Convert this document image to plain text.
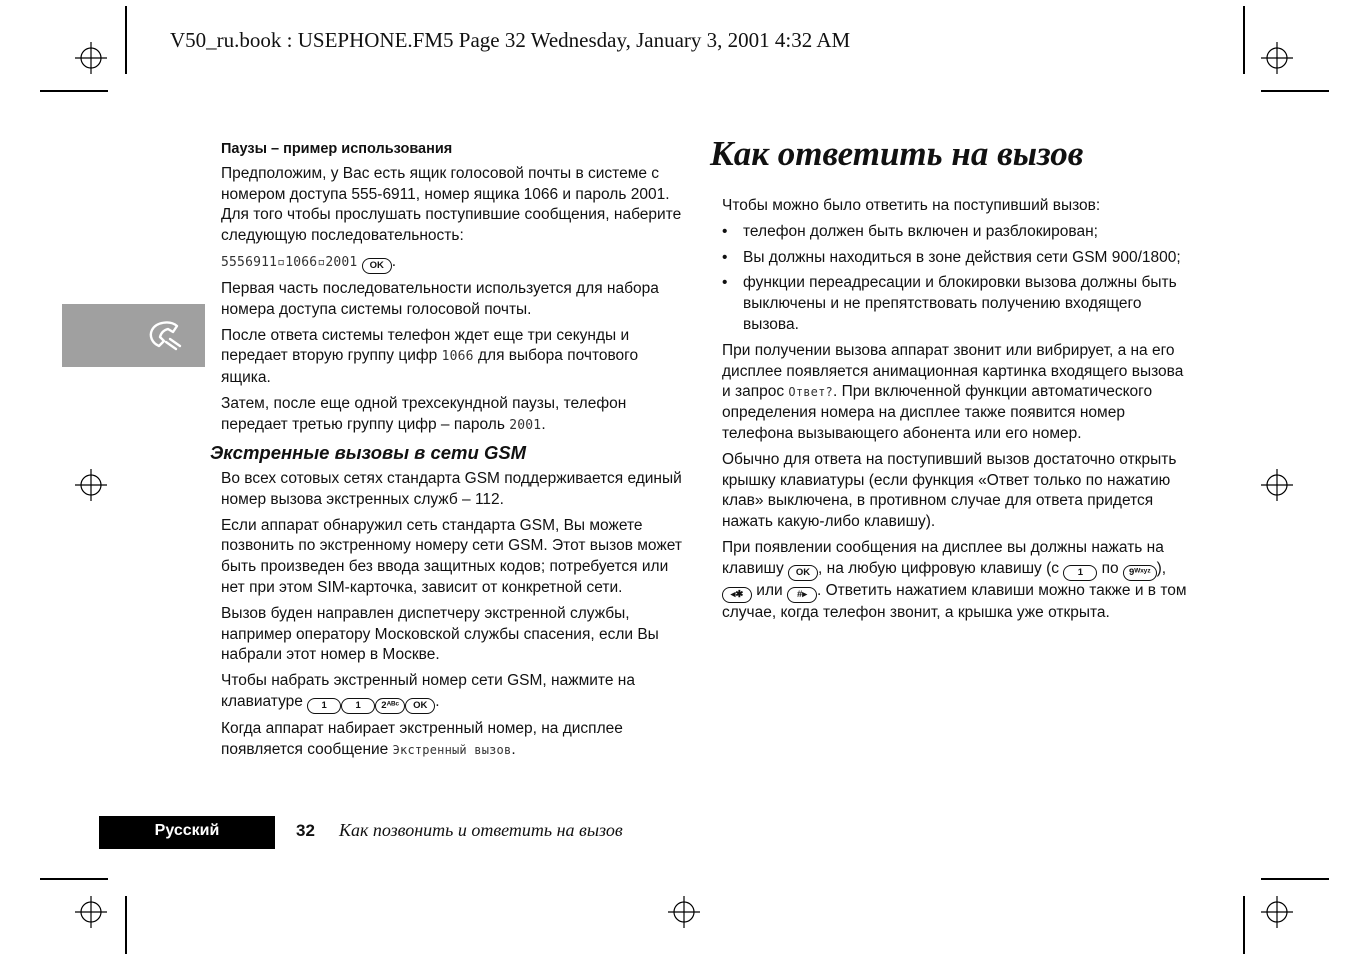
V50_ru.book : USEPHONE.FM5 Page 32 Wednesday, January 3, 2001 4:32 AM
Паузы – пример использования

Предположим, у Вас есть ящик голосовой почты в системе с номером доступа 555-6911, номер ящика 1066 и пароль 2001. Для того чтобы прослушать поступившие сообщения, наберите следующую последовательность:

5556911▫1066▫2001 OK .

Первая часть последовательности используется для набора номера доступа системы голосовой почты.

После ответа системы телефон ждет еще три секунды и передает вторую группу цифр 1066 для выбора почтового ящика.

Затем, после еще одной трехсекундной паузы, телефон передает третью группу цифр – пароль 2001.

Экстренные вызовы в сети GSM

Во всех сотовых сетях стандарта GSM поддерживается единый номер вызова экстренных служб – 112.

Если аппарат обнаружил сеть стандарта GSM, Вы можете позвонить по экстренному номеру сети GSM. Этот вызов может быть произведен без ввода защитных кодов; потребуется или нет при этом SIM-карточка, зависит от конкретной сети.

Вызов буден направлен диспетчеру экстренной службы, например оператору Московской службы спасения, если Вы набрали этот номер в Москве.

Чтобы набрать экстренный номер сети GSM, нажмите на клавиатуре 1	1 2ᴬᴮᶜ OK .

Когда аппарат набирает экстренный номер, на дисплее появляется сообщение Экстренный вызов.

Как ответить на вызов

Чтобы можно было ответить на поступивший вызов:

• телефон должен быть включен и разблокирован;
• Вы должны находиться в зоне действия сети GSM 900/1800;
• функции переадресации и блокировки вызова должны быть выключены и не препятствовать получению входящего вызова.

При получении вызова аппарат звонит или вибрирует, а на его дисплее появляется анимационная картинка входящего вызова и запрос Ответ?. При включенной функции автоматического определения номера на дисплее также появится номер телефона вызывающего абонента или его номер.

Обычно для ответа на поступивший вызов достаточно открыть крышку клавиатуры (если функция «Ответ только по нажатию клав» выключена, в противном случае для ответа придется нажать какую-либо клавишу).

При появлении сообщения на дисплее вы должны нажать на клавишу OK , на любую цифровую клавишу (с 1 по 9ᵂˣʸᶻ ), ◂✱ или #▸ . Ответить нажатием клавиши можно также и в том случае, когда телефон звонит, а крышка уже открыта.

Русский	32 Как позвонить и ответить на вызов
